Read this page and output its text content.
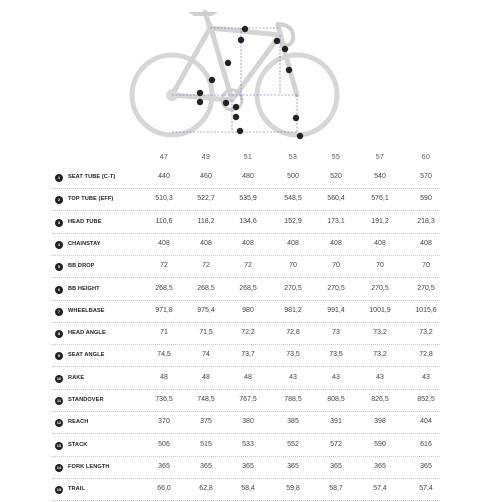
47	49	51	53	55	57	60
1	SEAT TUBE (C-T)	440	460	480	500	520	540	570
2	TOP TUBE (EFF)	510,3	522,7	535,9	548,5	560,4	576,1	590
3	HEAD TUBE	110,6	118,2	134,6	152,9	173,1	191,2	218,3
4	CHAINSTAY	408	408	408	408	408	408	408
5	BB DROP	72	72	72	70	70	70	70
6	BB HEIGHT	268,5	268,5	268,5	270,5	270,5	270,5	270,5
7	WHEELBASE	971,8	975,4	980	981,2	991,4	1001,9	1015,6
8	HEAD ANGLE	71	71,5	72,2	72,8	73	73,2	73,2
9	SEAT ANGLE	74,5	74	73,7	73,5	73,5	73,2	72,8
10	RAKE	48	48	48	43	43	43	43
11	STANDOVER	736,5	748,5	767,5	788,5	808,5	826,5	852,5
12	REACH	370	375	380	385	391	398	404
13	STACK	506	515	533	552	572	590	616
14	FORK LENGTH	365	365	365	365	365	365	365
15	TRAIL	66,0	62,8	58,4	59,8	58,7	57,4	57,4
